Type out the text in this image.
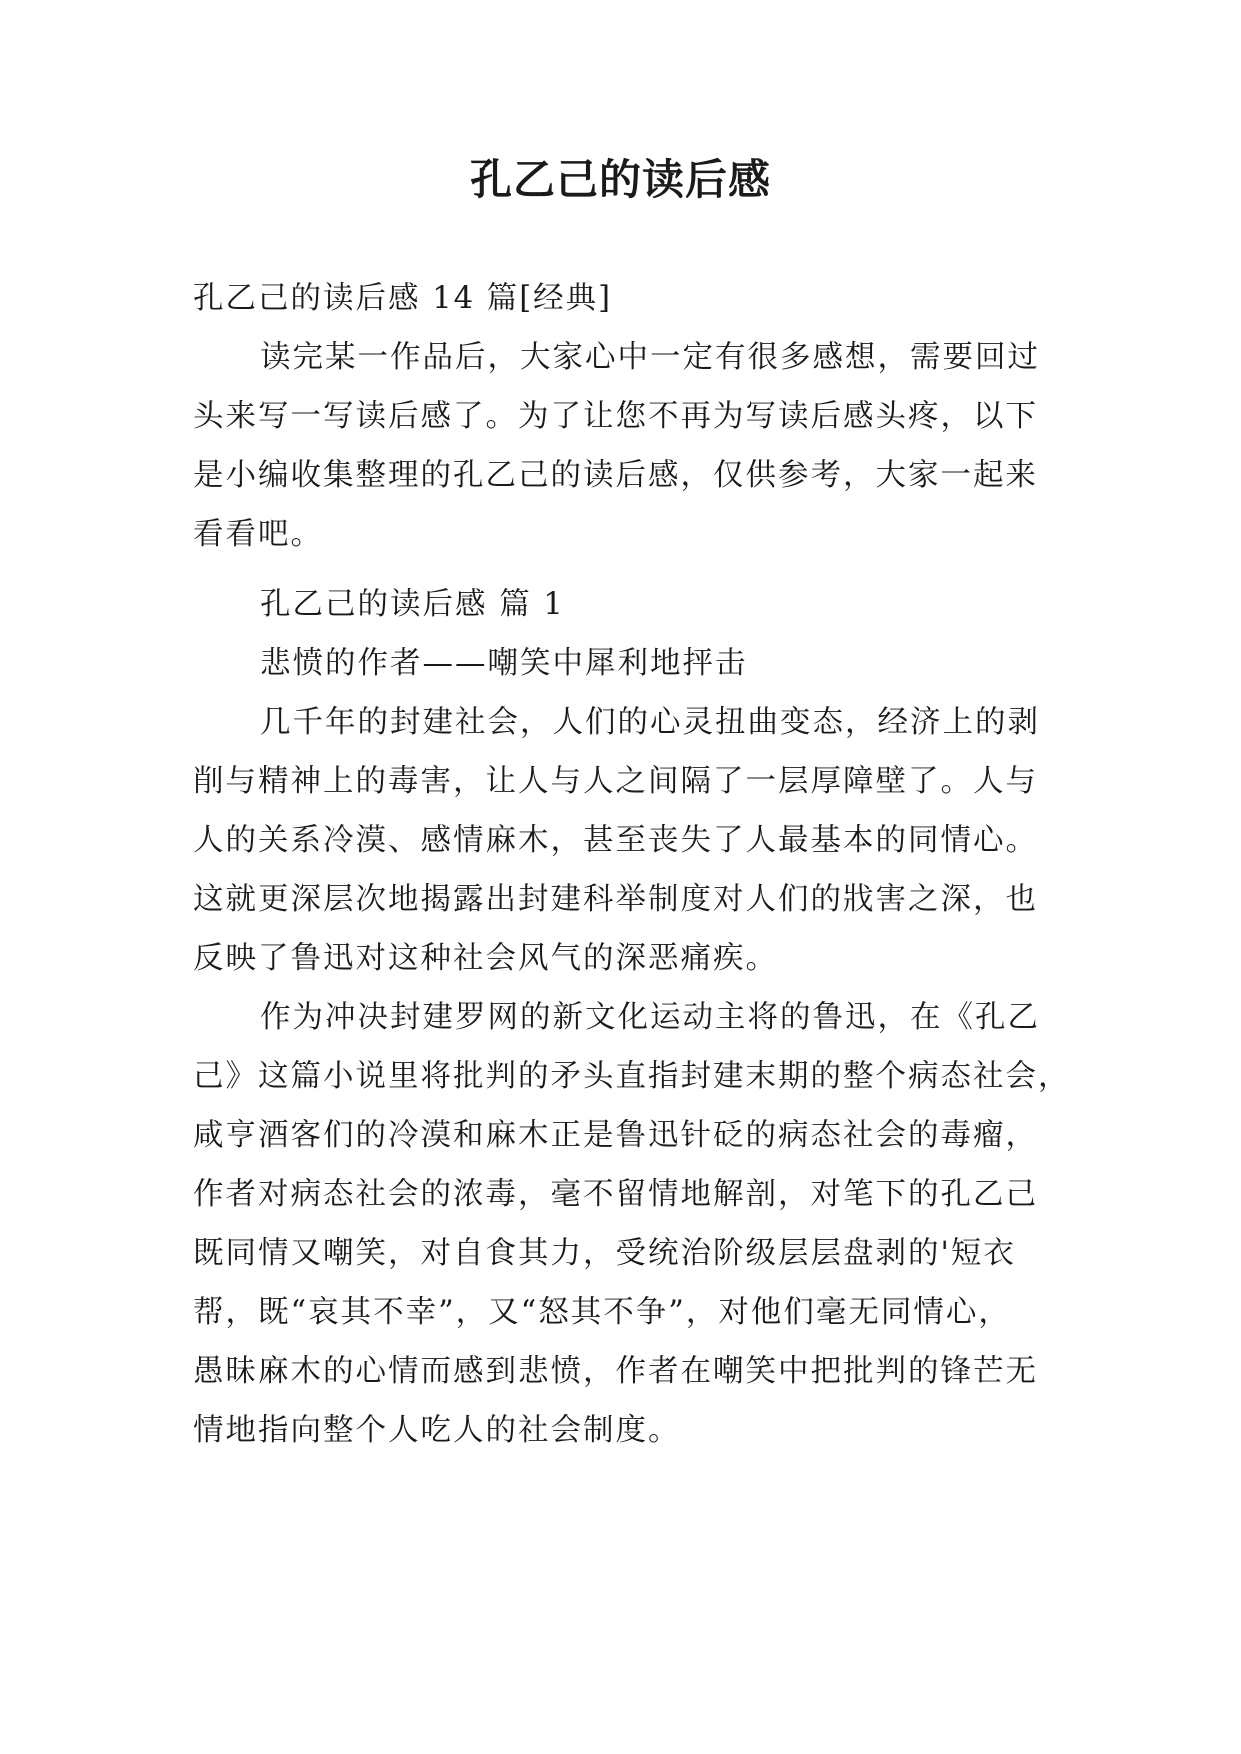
孔乙己的读后感
孔乙己的读后感 14 篇[经典]
读完某一作品后，大家心中一定有很多感想，需要回过
头来写一写读后感了。为了让您不再为写读后感头疼，以下
是小编收集整理的孔乙己的读后感，仅供参考，大家一起来
看看吧。
孔乙己的读后感 篇 1
悲愤的作者——嘲笑中犀利地抨击
几千年的封建社会，人们的心灵扭曲变态，经济上的剥
削与精神上的毒害，让人与人之间隔了一层厚障壁了。人与
人的关系冷漠、感情麻木，甚至丧失了人最基本的同情心。
这就更深层次地揭露出封建科举制度对人们的戕害之深，也
反映了鲁迅对这种社会风气的深恶痛疾。
作为冲决封建罗网的新文化运动主将的鲁迅，在《孔乙
己》这篇小说里将批判的矛头直指封建末期的整个病态社会，
咸亨酒客们的冷漠和麻木正是鲁迅针砭的病态社会的毒瘤，
作者对病态社会的浓毒，毫不留情地解剖，对笔下的孔乙己
既同情又嘲笑，对自食其力，受统治阶级层层盘剥的'短衣
帮，既“哀其不幸”，又“怒其不争”，对他们毫无同情心，
愚昧麻木的心情而感到悲愤，作者在嘲笑中把批判的锋芒无
情地指向整个人吃人的社会制度。
